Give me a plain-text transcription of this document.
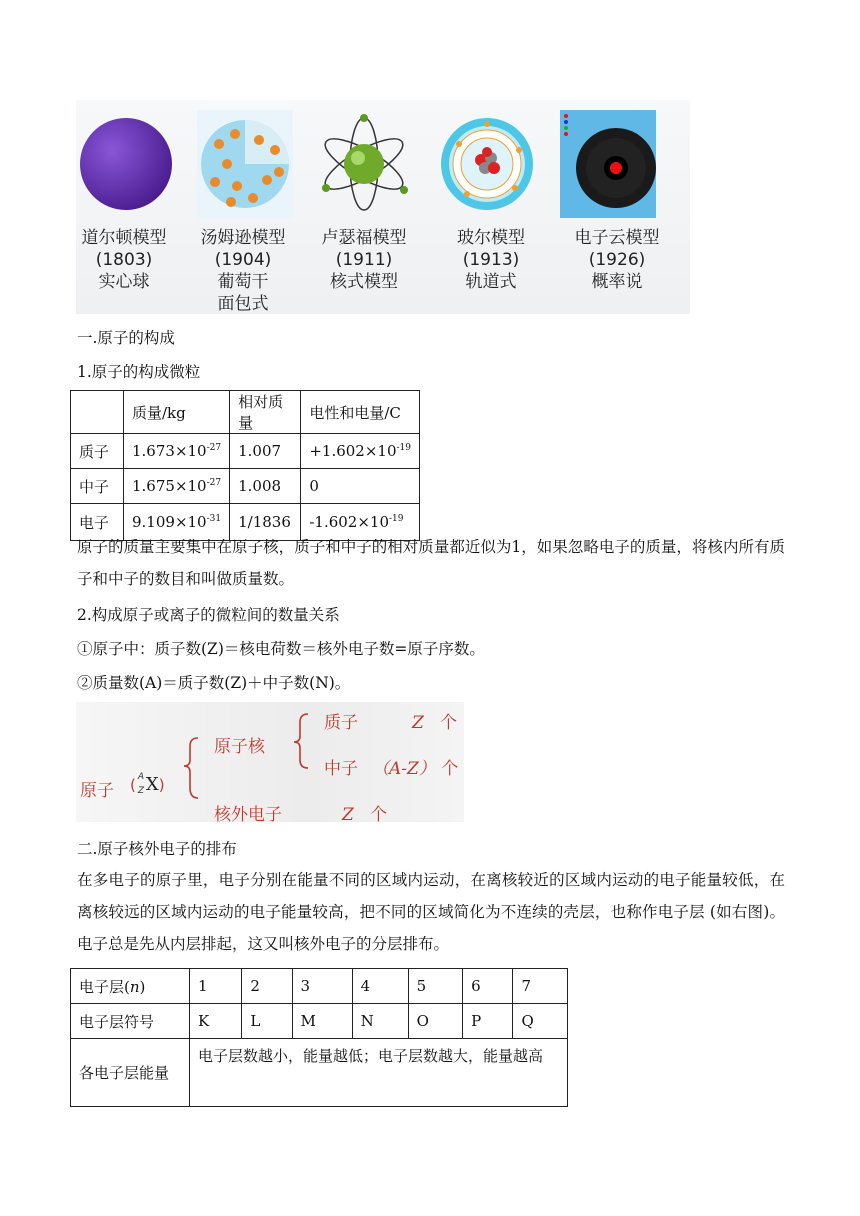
道尔顿模型
(1803)
实心球
汤姆逊模型
(1904)
葡萄干面包式
卢瑟福模型
(1911)
核式模型
玻尔模型
(1913)
轨道式
电子云模型
(1926)
概率说
一.原子的构成
1.原子的构成微粒
	质量/kg	相对质量	电性和电量/C
质子	$1.673\times 10^{-27}$	1.007	$+1.602\times 10^{-19}$
中子	$1.675\times 10^{-27}$	1.008	0
电子	$9.109\times 10^{-31}$	1/1836	$-1.602\times 10^{-19}$
原子的质量主要集中在原子核，质子和中子的相对质量都近似为1，如果忽略电子的质量，将核内所有质子和中子的数目和叫做质量数。
2.构成原子或离子的微粒间的数量关系
①原子中：质子数(Z)＝核电荷数＝核外电子数=原子序数。
②质量数(A)＝质子数(Z)＋中子数(N)。
原子 ( A
Z X)
原子核
核外电子	Z 个
质子	Z 个
中子 （A-Z） 个
二.原子核外电子的排布
在多电子的原子里，电子分别在能量不同的区域内运动，在离核较近的区域内运动的电子能量较低，在离核较远的区域内运动的电子能量较高，把不同的区域简化为不连续的壳层，也称作电子层 (如右图)。电子总是先从内层排起，这又叫核外电子的分层排布。
电子层(n)	1	2	3	4	5	6	7
电子层符号	K	L	M	N	O	P	Q
各电子层能量	电子层数越小，能量越低；电子层数越大，能量越高						
